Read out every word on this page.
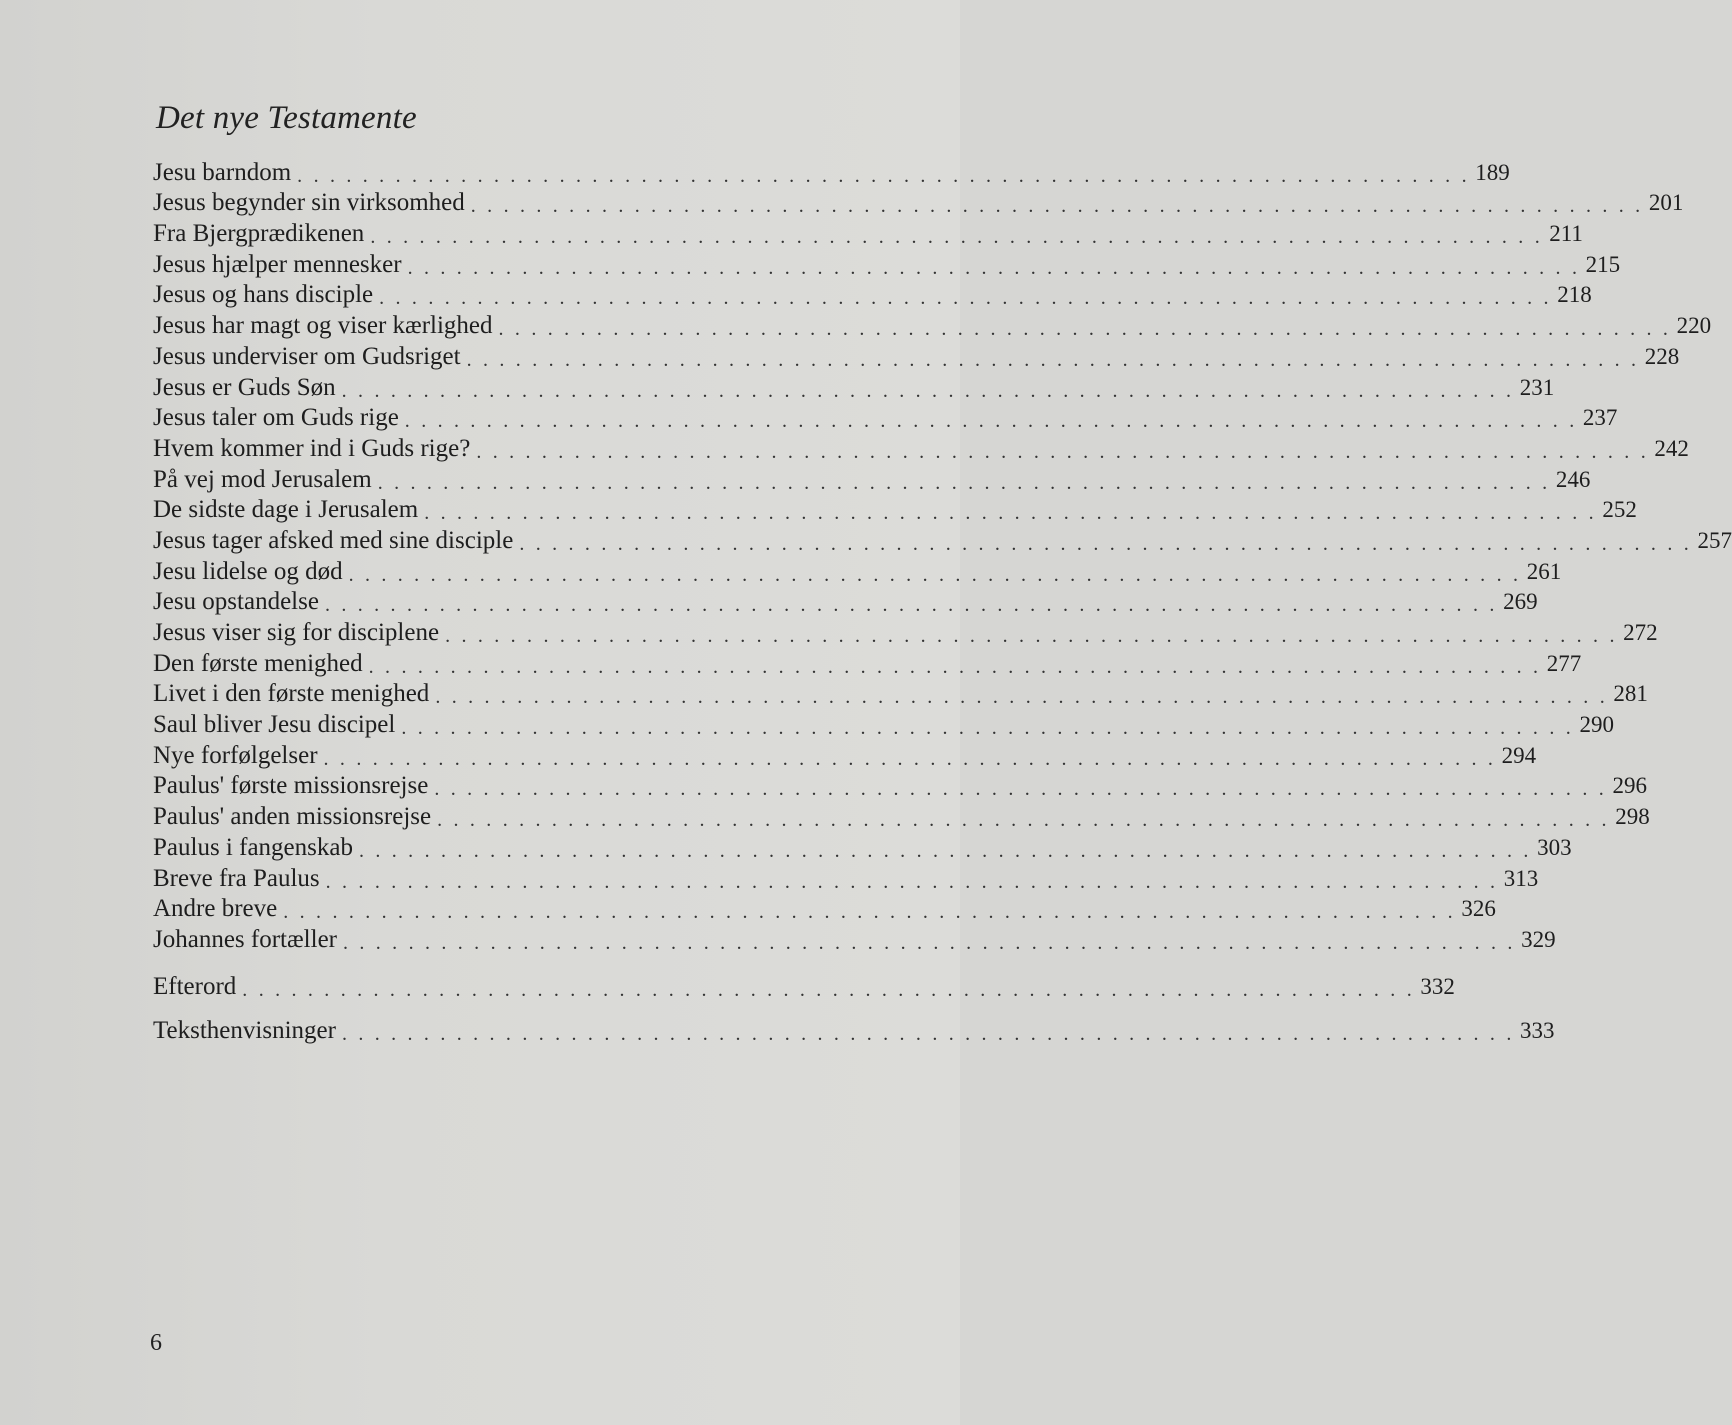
Det nye Testamente
Jesu barndom . . . . . . . . . . . . . . . . . . . . . . . . . . . . . . . . . . . . . . . . . . . . . . . . . . . . . . . . . . . . . . . . . . . . . . . . 189
Jesus begynder sin virksomhed . . . . . . . . . . . . . . . . . . . . . . . . . . . . . . . . . . . . . . . . . . . . . . . . . . . . . . . . . . . . . . . . . . . . . . . . 201
Fra Bjergprædikenen . . . . . . . . . . . . . . . . . . . . . . . . . . . . . . . . . . . . . . . . . . . . . . . . . . . . . . . . . . . . . . . . . . . . . . . . 211
Jesus hjælper mennesker . . . . . . . . . . . . . . . . . . . . . . . . . . . . . . . . . . . . . . . . . . . . . . . . . . . . . . . . . . . . . . . . . . . . . . . . 215
Jesus og hans disciple . . . . . . . . . . . . . . . . . . . . . . . . . . . . . . . . . . . . . . . . . . . . . . . . . . . . . . . . . . . . . . . . . . . . . . . . 218
Jesus har magt og viser kærlighed . . . . . . . . . . . . . . . . . . . . . . . . . . . . . . . . . . . . . . . . . . . . . . . . . . . . . . . . . . . . . . . . . . . . . . . . 220
Jesus underviser om Gudsriget . . . . . . . . . . . . . . . . . . . . . . . . . . . . . . . . . . . . . . . . . . . . . . . . . . . . . . . . . . . . . . . . . . . . . . . . 228
Jesus er Guds Søn . . . . . . . . . . . . . . . . . . . . . . . . . . . . . . . . . . . . . . . . . . . . . . . . . . . . . . . . . . . . . . . . . . . . . . . . 231
Jesus taler om Guds rige . . . . . . . . . . . . . . . . . . . . . . . . . . . . . . . . . . . . . . . . . . . . . . . . . . . . . . . . . . . . . . . . . . . . . . . . 237
Hvem kommer ind i Guds rige? . . . . . . . . . . . . . . . . . . . . . . . . . . . . . . . . . . . . . . . . . . . . . . . . . . . . . . . . . . . . . . . . . . . . . . . . 242
På vej mod Jerusalem . . . . . . . . . . . . . . . . . . . . . . . . . . . . . . . . . . . . . . . . . . . . . . . . . . . . . . . . . . . . . . . . . . . . . . . . 246
De sidste dage i Jerusalem . . . . . . . . . . . . . . . . . . . . . . . . . . . . . . . . . . . . . . . . . . . . . . . . . . . . . . . . . . . . . . . . . . . . . . . . 252
Jesus tager afsked med sine disciple . . . . . . . . . . . . . . . . . . . . . . . . . . . . . . . . . . . . . . . . . . . . . . . . . . . . . . . . . . . . . . . . . . . . . . . . 257
Jesu lidelse og død . . . . . . . . . . . . . . . . . . . . . . . . . . . . . . . . . . . . . . . . . . . . . . . . . . . . . . . . . . . . . . . . . . . . . . . . 261
Jesu opstandelse . . . . . . . . . . . . . . . . . . . . . . . . . . . . . . . . . . . . . . . . . . . . . . . . . . . . . . . . . . . . . . . . . . . . . . . . 269
Jesus viser sig for disciplene . . . . . . . . . . . . . . . . . . . . . . . . . . . . . . . . . . . . . . . . . . . . . . . . . . . . . . . . . . . . . . . . . . . . . . . . 272
Den første menighed . . . . . . . . . . . . . . . . . . . . . . . . . . . . . . . . . . . . . . . . . . . . . . . . . . . . . . . . . . . . . . . . . . . . . . . . 277
Livet i den første menighed . . . . . . . . . . . . . . . . . . . . . . . . . . . . . . . . . . . . . . . . . . . . . . . . . . . . . . . . . . . . . . . . . . . . . . . . 281
Saul bliver Jesu discipel . . . . . . . . . . . . . . . . . . . . . . . . . . . . . . . . . . . . . . . . . . . . . . . . . . . . . . . . . . . . . . . . . . . . . . . . 290
Nye forfølgelser . . . . . . . . . . . . . . . . . . . . . . . . . . . . . . . . . . . . . . . . . . . . . . . . . . . . . . . . . . . . . . . . . . . . . . . . 294
Paulus' første missionsrejse . . . . . . . . . . . . . . . . . . . . . . . . . . . . . . . . . . . . . . . . . . . . . . . . . . . . . . . . . . . . . . . . . . . . . . . . 296
Paulus' anden missionsrejse . . . . . . . . . . . . . . . . . . . . . . . . . . . . . . . . . . . . . . . . . . . . . . . . . . . . . . . . . . . . . . . . . . . . . . . . 298
Paulus i fangenskab . . . . . . . . . . . . . . . . . . . . . . . . . . . . . . . . . . . . . . . . . . . . . . . . . . . . . . . . . . . . . . . . . . . . . . . . 303
Breve fra Paulus . . . . . . . . . . . . . . . . . . . . . . . . . . . . . . . . . . . . . . . . . . . . . . . . . . . . . . . . . . . . . . . . . . . . . . . . 313
Andre breve . . . . . . . . . . . . . . . . . . . . . . . . . . . . . . . . . . . . . . . . . . . . . . . . . . . . . . . . . . . . . . . . . . . . . . . . 326
Johannes fortæller . . . . . . . . . . . . . . . . . . . . . . . . . . . . . . . . . . . . . . . . . . . . . . . . . . . . . . . . . . . . . . . . . . . . . . . . 329
Efterord . . . . . . . . . . . . . . . . . . . . . . . . . . . . . . . . . . . . . . . . . . . . . . . . . . . . . . . . . . . . . . . . . . . . . . . . 332
Teksthenvisninger . . . . . . . . . . . . . . . . . . . . . . . . . . . . . . . . . . . . . . . . . . . . . . . . . . . . . . . . . . . . . . . . . . . . . . . . 333
6
